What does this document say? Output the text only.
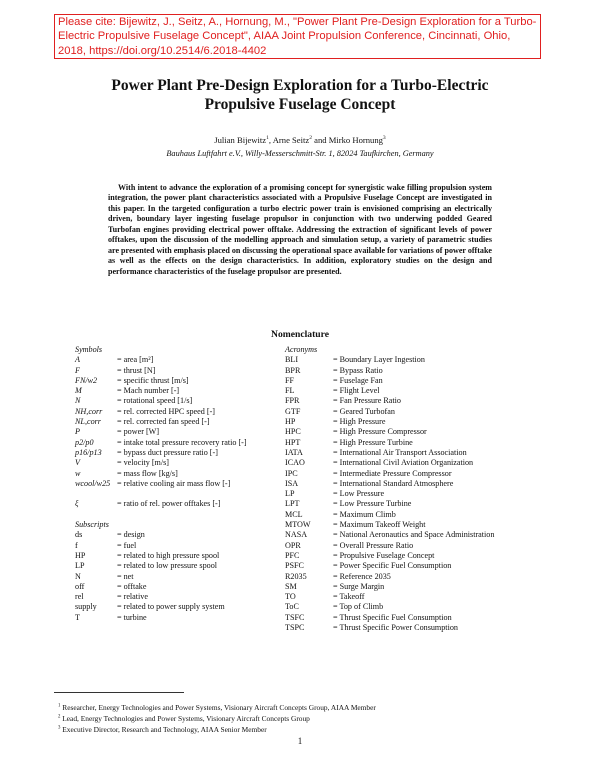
Please cite: Bijewitz, J., Seitz, A., Hornung, M., "Power Plant Pre-Design Exploration for a Turbo-Electric Propulsive Fuselage Concept", AIAA Joint Propulsion Conference, Cincinnati, Ohio, 2018, https://doi.org/10.2514/6.2018-4402
Power Plant Pre-Design Exploration for a Turbo-Electric
Propulsive Fuselage Concept
Julian Bijewitz$^1$, Arne Seitz$^2$ and Mirko Hornung$^3$
Bauhaus Luftfahrt e.V., Willy-Messerschmitt-Str. 1, 82024 Taufkirchen, Germany

With intent to advance the exploration of a promising concept for synergistic wake filling propulsion system integration, the power plant characteristics associated with a Propulsive Fuselage Concept are investigated in this paper. In the targeted configuration a turbo electric power train is envisioned comprising an electrically driven, boundary layer ingesting fuselage propulsor in conjunction with two underwing podded Geared Turbofan engines providing electrical power offtake. Addressing the extraction of significant levels of power offtakes, upon the discussion of the modelling approach and simulation setup, a variety of parametric studies are presented with emphasis placed on discussing the operational space available for variations of power offtake as well as the effects on the design characteristics. In addition, exploratory studies on the design and performance characteristics of the fuselage propulsor are presented.

Nomenclature
Symbols
A	= area [m²]
F	= thrust [N]
FN/w2 = specific thrust [m/s]
M	= Mach number [-]
N	= rotational speed [1/s]
NH,corr = rel. corrected HPC speed [-]
NL,corr = rel. corrected fan speed [-]
P	= power [W]
p2/p0	= intake total pressure recovery ratio [-]
p16/p13 = bypass duct pressure ratio [-]
V	= velocity [m/s]
w	= mass flow [kg/s]
wcool/w25 = relative cooling air mass flow [-]
ξ	= ratio of rel. power offtakes [-]
Subscripts
ds	= design
f	= fuel
HP	= related to high pressure spool
LP	= related to low pressure spool
N	= net
off	= offtake
rel	= relative
supply = related to power supply system
T	= turbine
Acronyms
BLI	= Boundary Layer Ingestion
BPR	= Bypass Ratio
FF	= Fuselage Fan
FL	= Flight Level
FPR	= Fan Pressure Ratio
GTF	= Geared Turbofan
HP	= High Pressure
HPC	= High Pressure Compressor
HPT	= High Pressure Turbine
IATA	= International Air Transport Association
ICAO	= International Civil Aviation Organization
IPC	= Intermediate Pressure Compressor
ISA	= International Standard Atmosphere
LP	= Low Pressure
LPT	= Low Pressure Turbine
MCL	= Maximum Climb
MTOW	= Maximum Takeoff Weight
NASA	= National Aeronautics and Space Administration
OPR	= Overall Pressure Ratio
PFC	= Propulsive Fuselage Concept
PSFC	= Power Specific Fuel Consumption
R2035	= Reference 2035
SM	= Surge Margin
TO	= Takeoff
ToC	= Top of Climb
TSFC	= Thrust Specific Fuel Consumption
TSPC	= Thrust Specific Power Consumption
$^1$ Researcher, Energy Technologies and Power Systems, Visionary Aircraft Concepts Group, AIAA Member
$^2$ Lead, Energy Technologies and Power Systems, Visionary Aircraft Concepts Group
$^3$ Executive Director, Research and Technology, AIAA Senior Member
1
